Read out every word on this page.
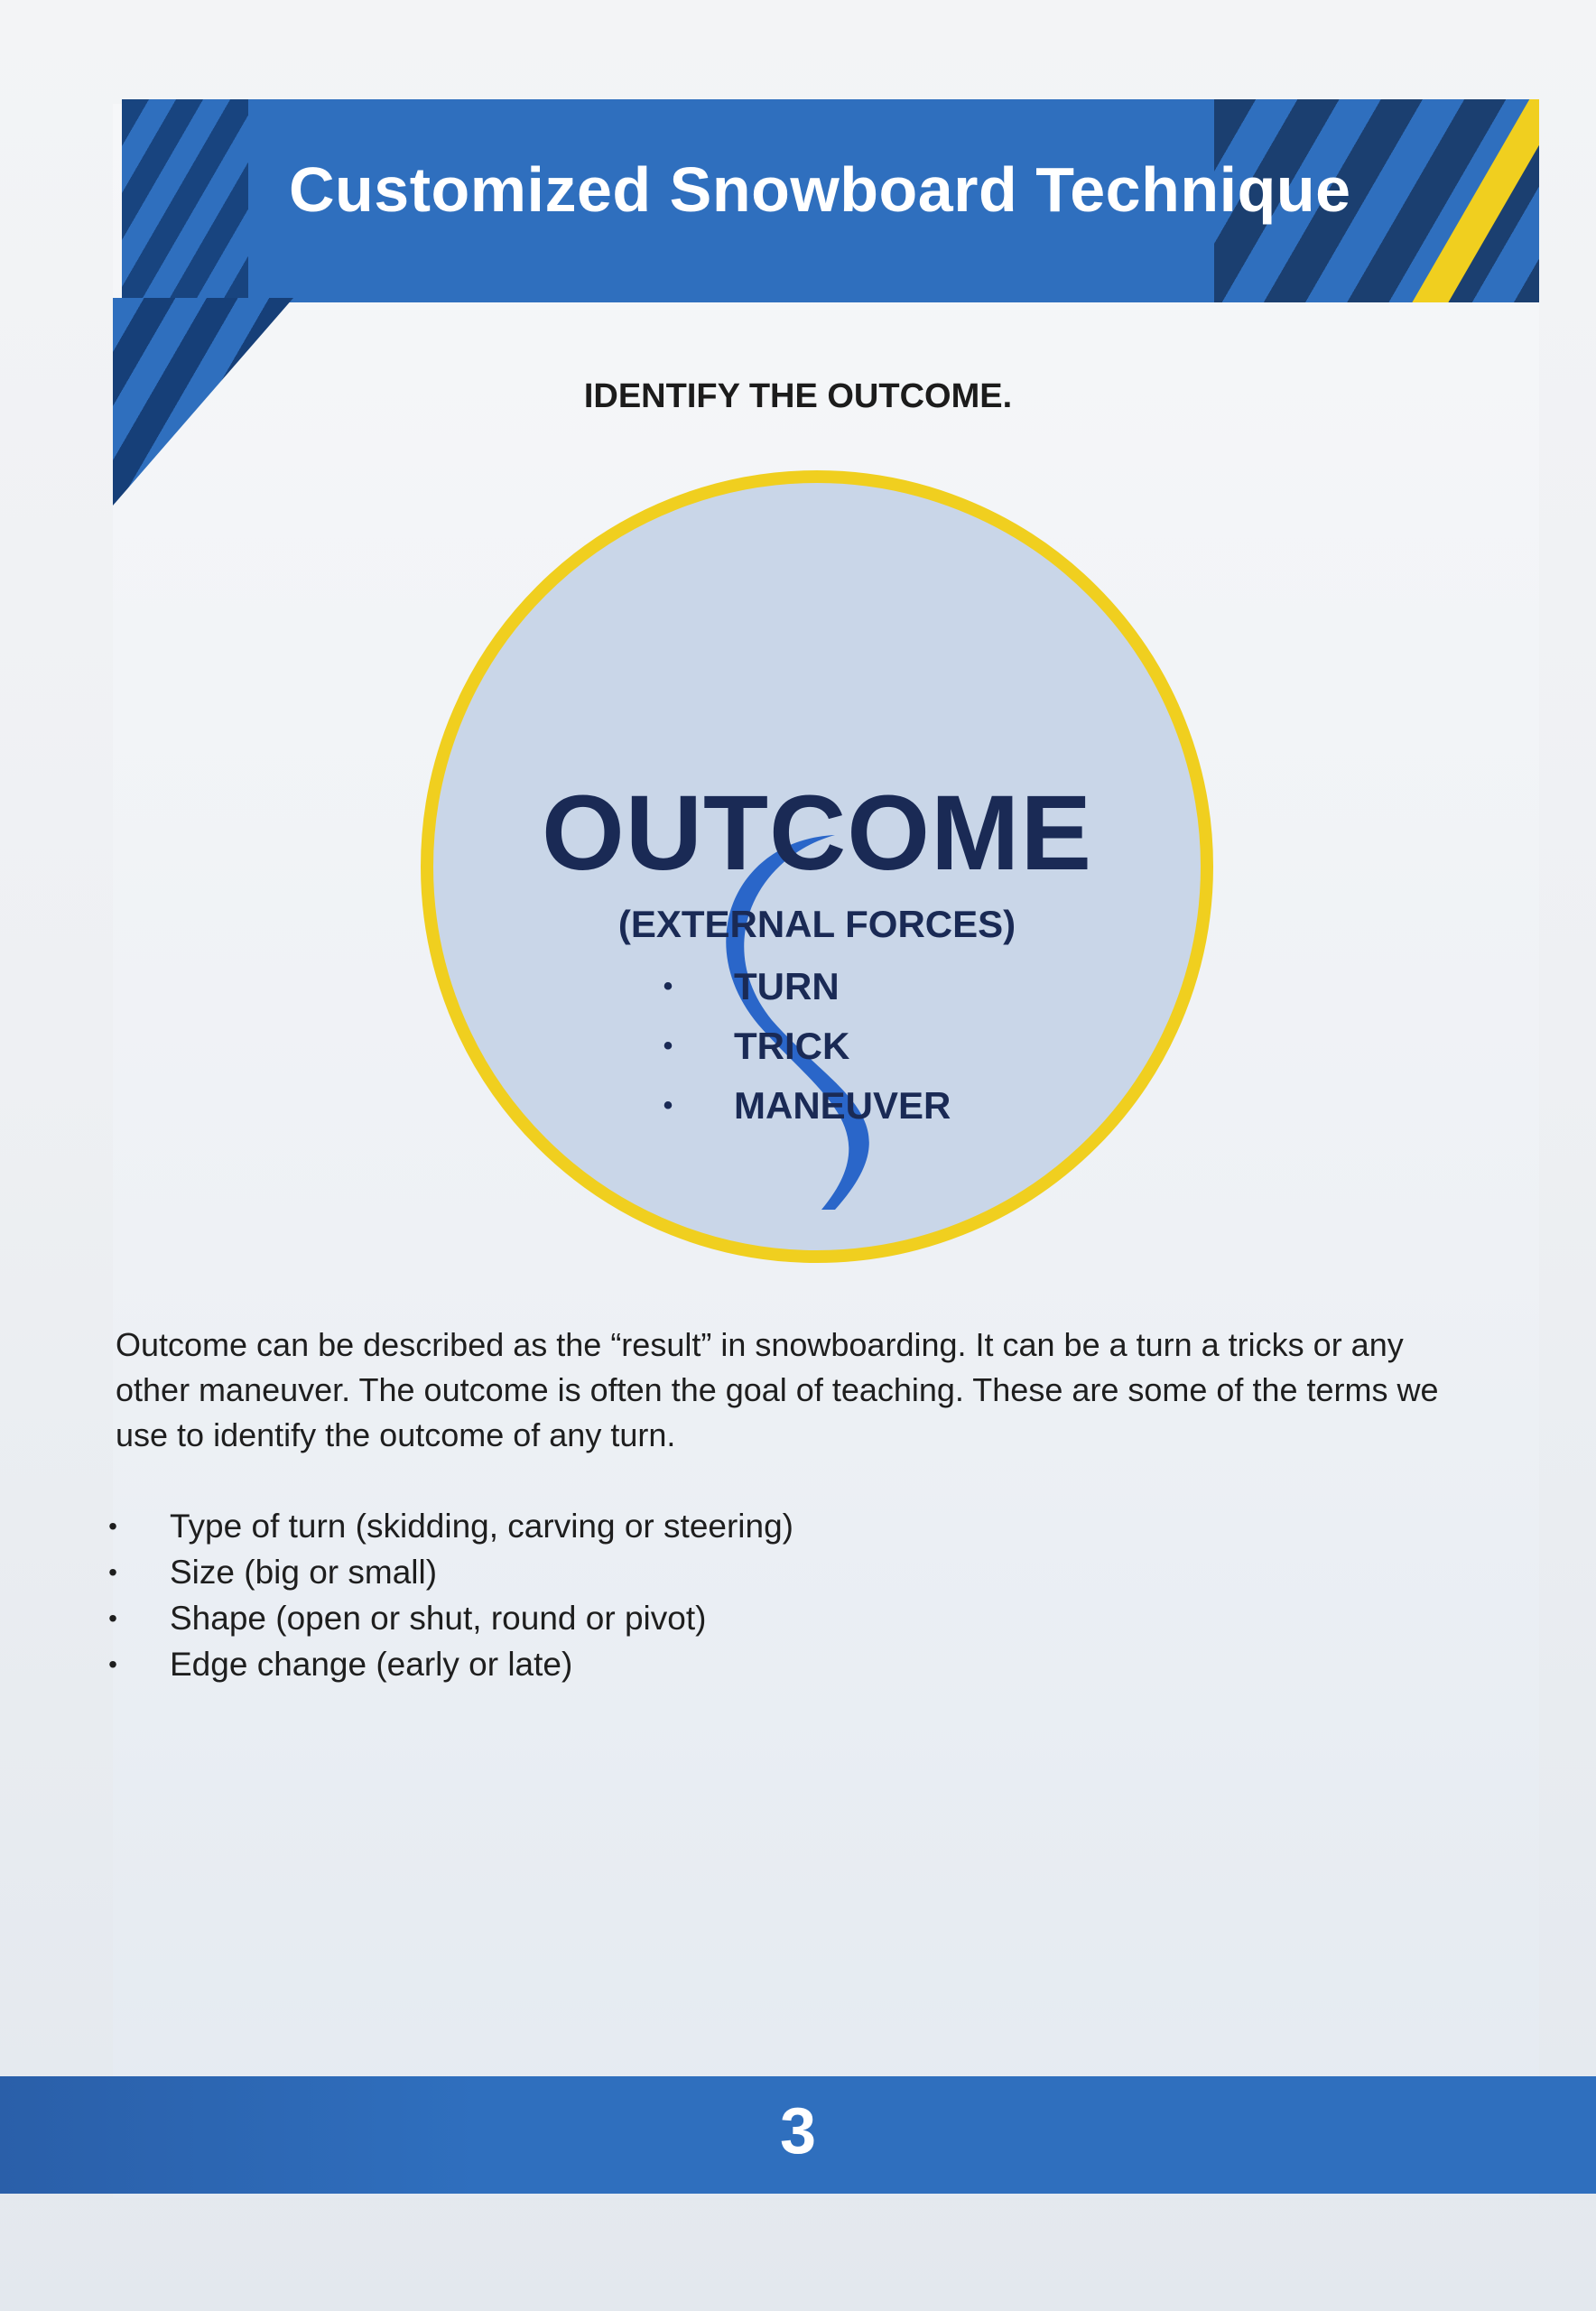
Customized Snowboard Technique
IDENTIFY THE OUTCOME.
OUTCOME
(EXTERNAL FORCES)
• TURN
• TRICK
• MANEUVER
Outcome can be described as the “result” in snowboarding. It can be a turn a tricks or any other maneuver. The outcome is often the goal of teaching. These are some of the terms we use to identify the outcome of any turn.
• Type of turn (skidding, carving or steering)
• Size (big or small)
• Shape (open or shut, round or pivot)
• Edge change (early or late)
3
